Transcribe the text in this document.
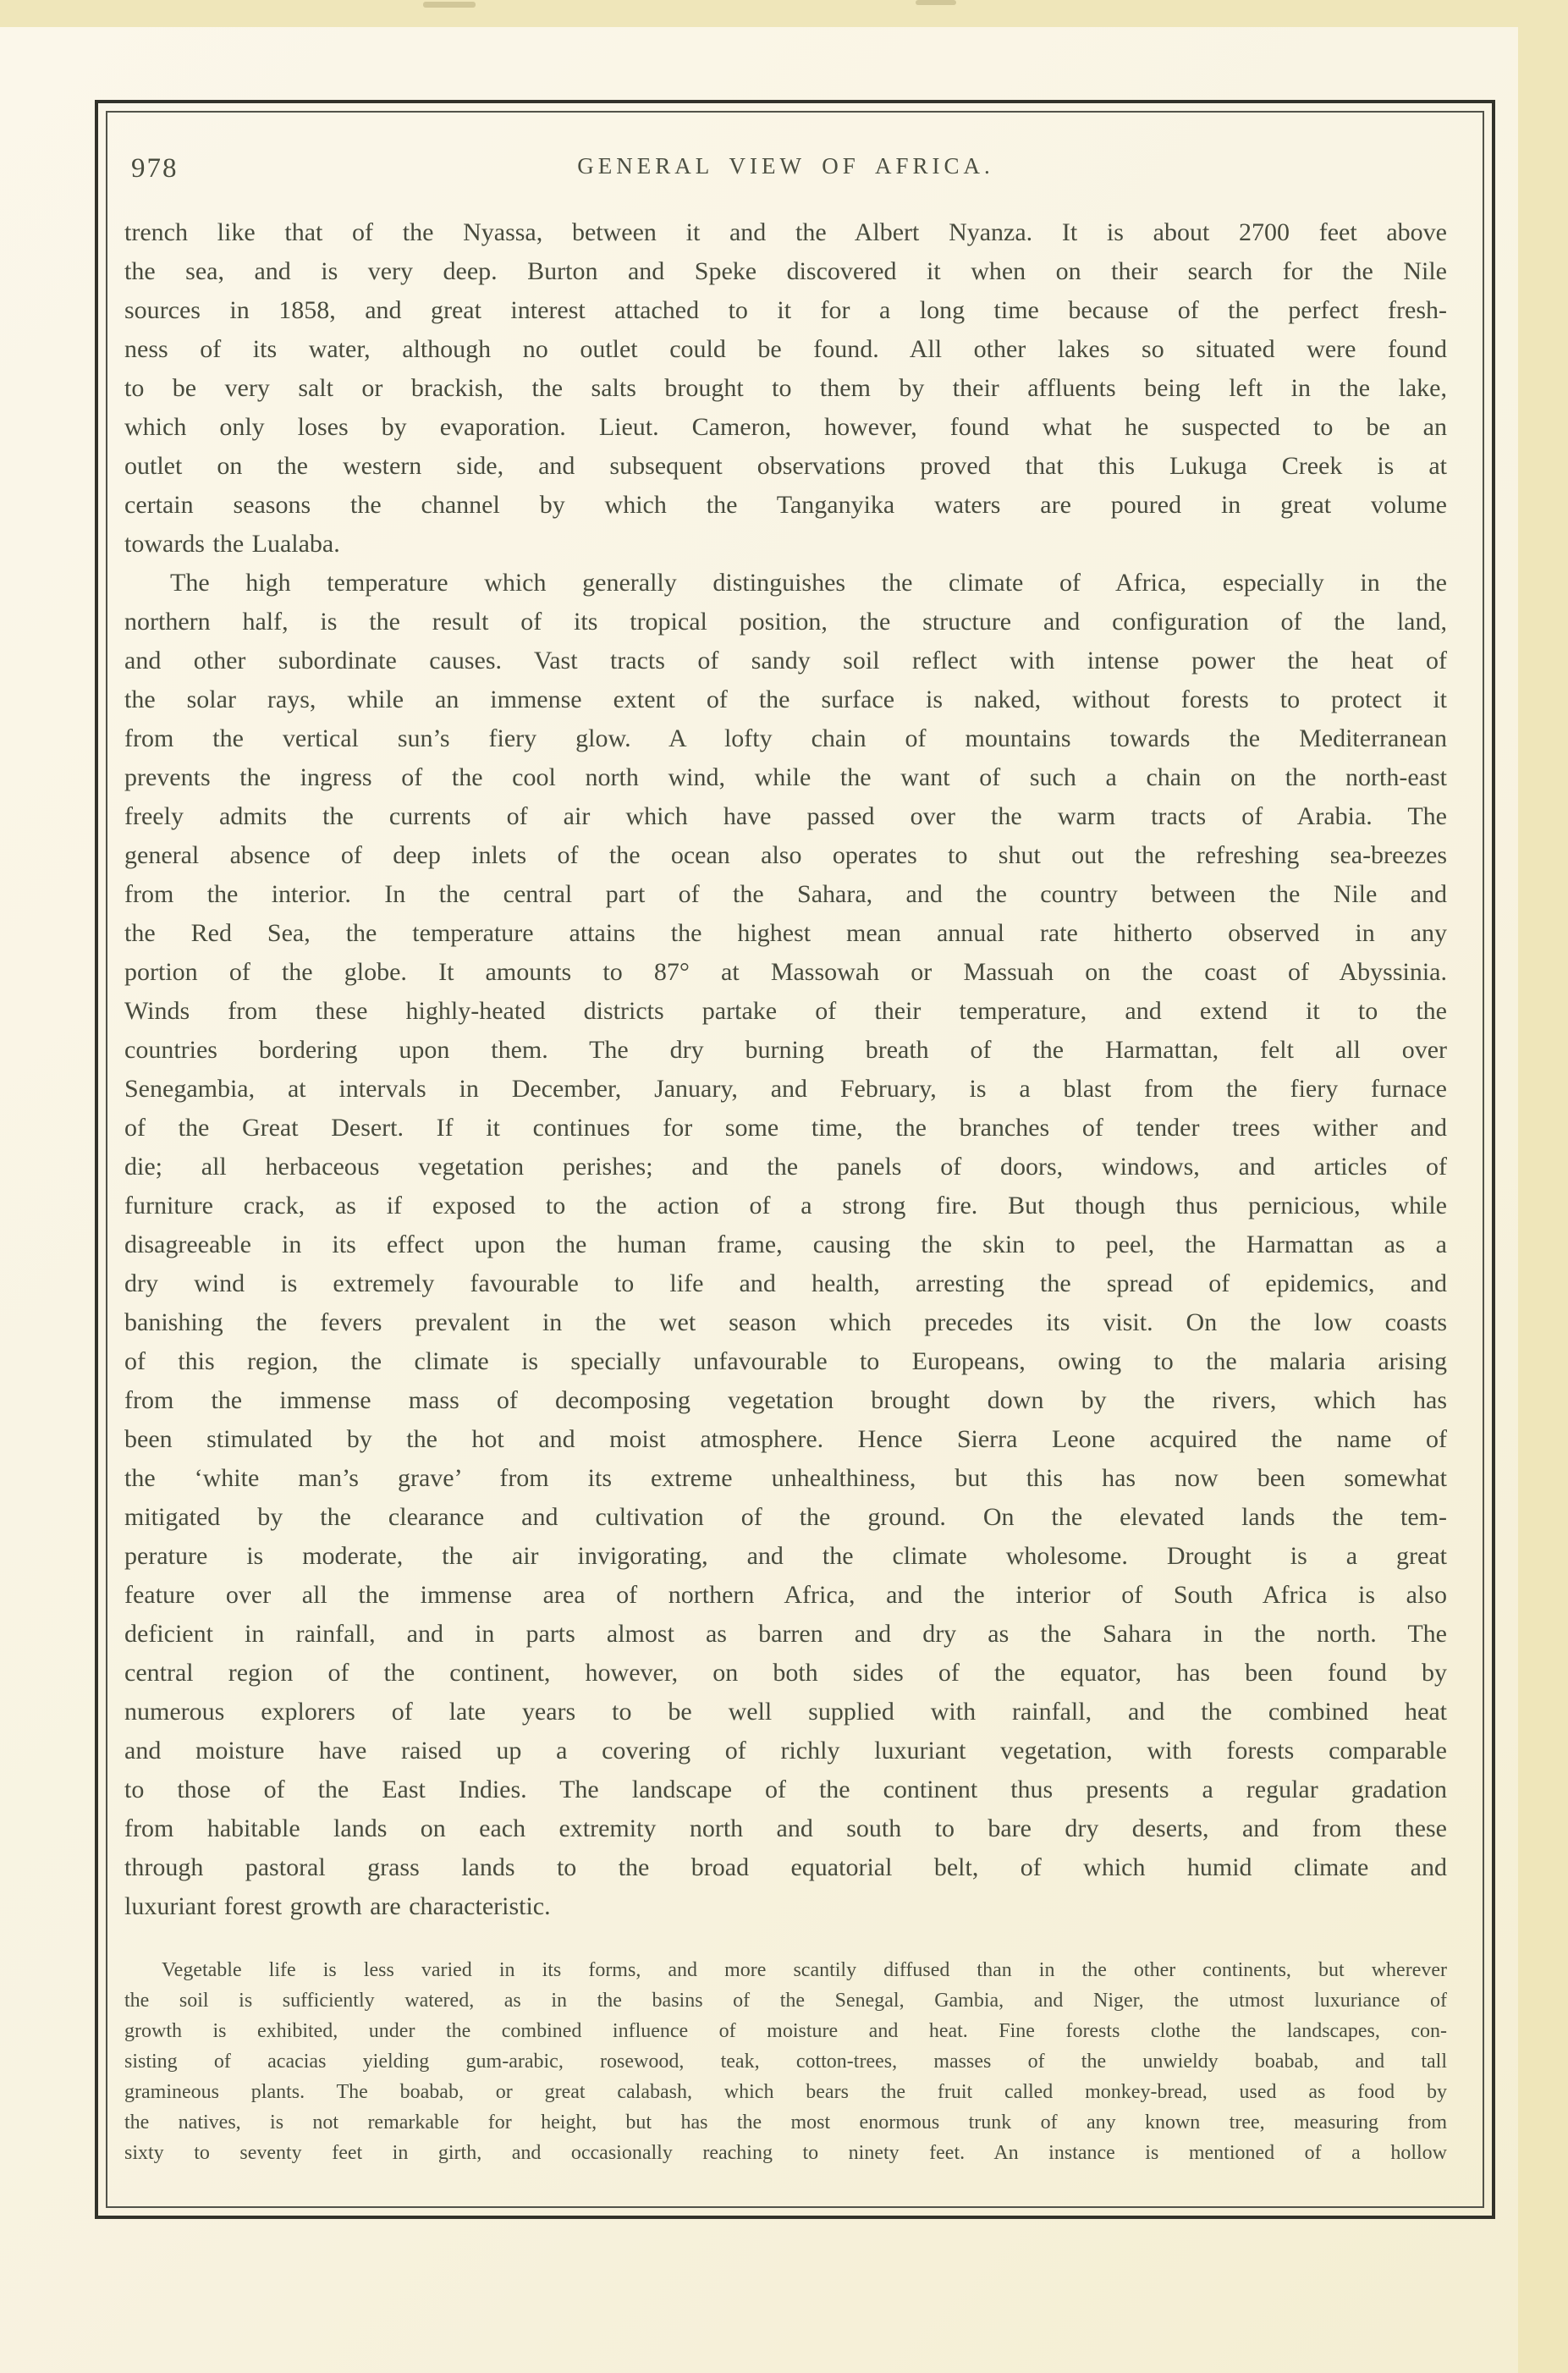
978	GENERAL VIEW OF AFRICA.
trench like that of the Nyassa, between it and the Albert Nyanza. It is about 2700 feet above
the sea, and is very deep. Burton and Speke discovered it when on their search for the Nile
sources in 1858, and great interest attached to it for a long time because of the perfect fresh-
ness of its water, although no outlet could be found. All other lakes so situated were found
to be very salt or brackish, the salts brought to them by their affluents being left in the lake,
which only loses by evaporation. Lieut. Cameron, however, found what he suspected to be an
outlet on the western side, and subsequent observations proved that this Lukuga Creek is at
certain seasons the channel by which the Tanganyika waters are poured in great volume
towards the Lualaba.
The high temperature which generally distinguishes the climate of Africa, especially in the
northern half, is the result of its tropical position, the structure and configuration of the land,
and other subordinate causes. Vast tracts of sandy soil reflect with intense power the heat of
the solar rays, while an immense extent of the surface is naked, without forests to protect it
from the vertical sun’s fiery glow. A lofty chain of mountains towards the Mediterranean
prevents the ingress of the cool north wind, while the want of such a chain on the north-east
freely admits the currents of air which have passed over the warm tracts of Arabia. The
general absence of deep inlets of the ocean also operates to shut out the refreshing sea-breezes
from the interior. In the central part of the Sahara, and the country between the Nile and
the Red Sea, the temperature attains the highest mean annual rate hitherto observed in any
portion of the globe. It amounts to 87° at Massowah or Massuah on the coast of Abyssinia.
Winds from these highly-heated districts partake of their temperature, and extend it to the
countries bordering upon them. The dry burning breath of the Harmattan, felt all over
Senegambia, at intervals in December, January, and February, is a blast from the fiery furnace
of the Great Desert. If it continues for some time, the branches of tender trees wither and
die; all herbaceous vegetation perishes; and the panels of doors, windows, and articles of
furniture crack, as if exposed to the action of a strong fire. But though thus pernicious, while
disagreeable in its effect upon the human frame, causing the skin to peel, the Harmattan as a
dry wind is extremely favourable to life and health, arresting the spread of epidemics, and
banishing the fevers prevalent in the wet season which precedes its visit. On the low coasts
of this region, the climate is specially unfavourable to Europeans, owing to the malaria arising
from the immense mass of decomposing vegetation brought down by the rivers, which has
been stimulated by the hot and moist atmosphere. Hence Sierra Leone acquired the name of
the ‘white man’s grave’ from its extreme unhealthiness, but this has now been somewhat
mitigated by the clearance and cultivation of the ground. On the elevated lands the tem-
perature is moderate, the air invigorating, and the climate wholesome. Drought is a great
feature over all the immense area of northern Africa, and the interior of South Africa is also
deficient in rainfall, and in parts almost as barren and dry as the Sahara in the north. The
central region of the continent, however, on both sides of the equator, has been found by
numerous explorers of late years to be well supplied with rainfall, and the combined heat
and moisture have raised up a covering of richly luxuriant vegetation, with forests comparable
to those of the East Indies. The landscape of the continent thus presents a regular gradation
from habitable lands on each extremity north and south to bare dry deserts, and from these
through pastoral grass lands to the broad equatorial belt, of which humid climate and
luxuriant forest growth are characteristic.
Vegetable life is less varied in its forms, and more scantily diffused than in the other continents, but wherever
the soil is sufficiently watered, as in the basins of the Senegal, Gambia, and Niger, the utmost luxuriance of
growth is exhibited, under the combined influence of moisture and heat. Fine forests clothe the landscapes, con-
sisting of acacias yielding gum-arabic, rosewood, teak, cotton-trees, masses of the unwieldy boabab, and tall
gramineous plants. The boabab, or great calabash, which bears the fruit called monkey-bread, used as food by
the natives, is not remarkable for height, but has the most enormous trunk of any known tree, measuring from
sixty to seventy feet in girth, and occasionally reaching to ninety feet. An instance is mentioned of a hollow
